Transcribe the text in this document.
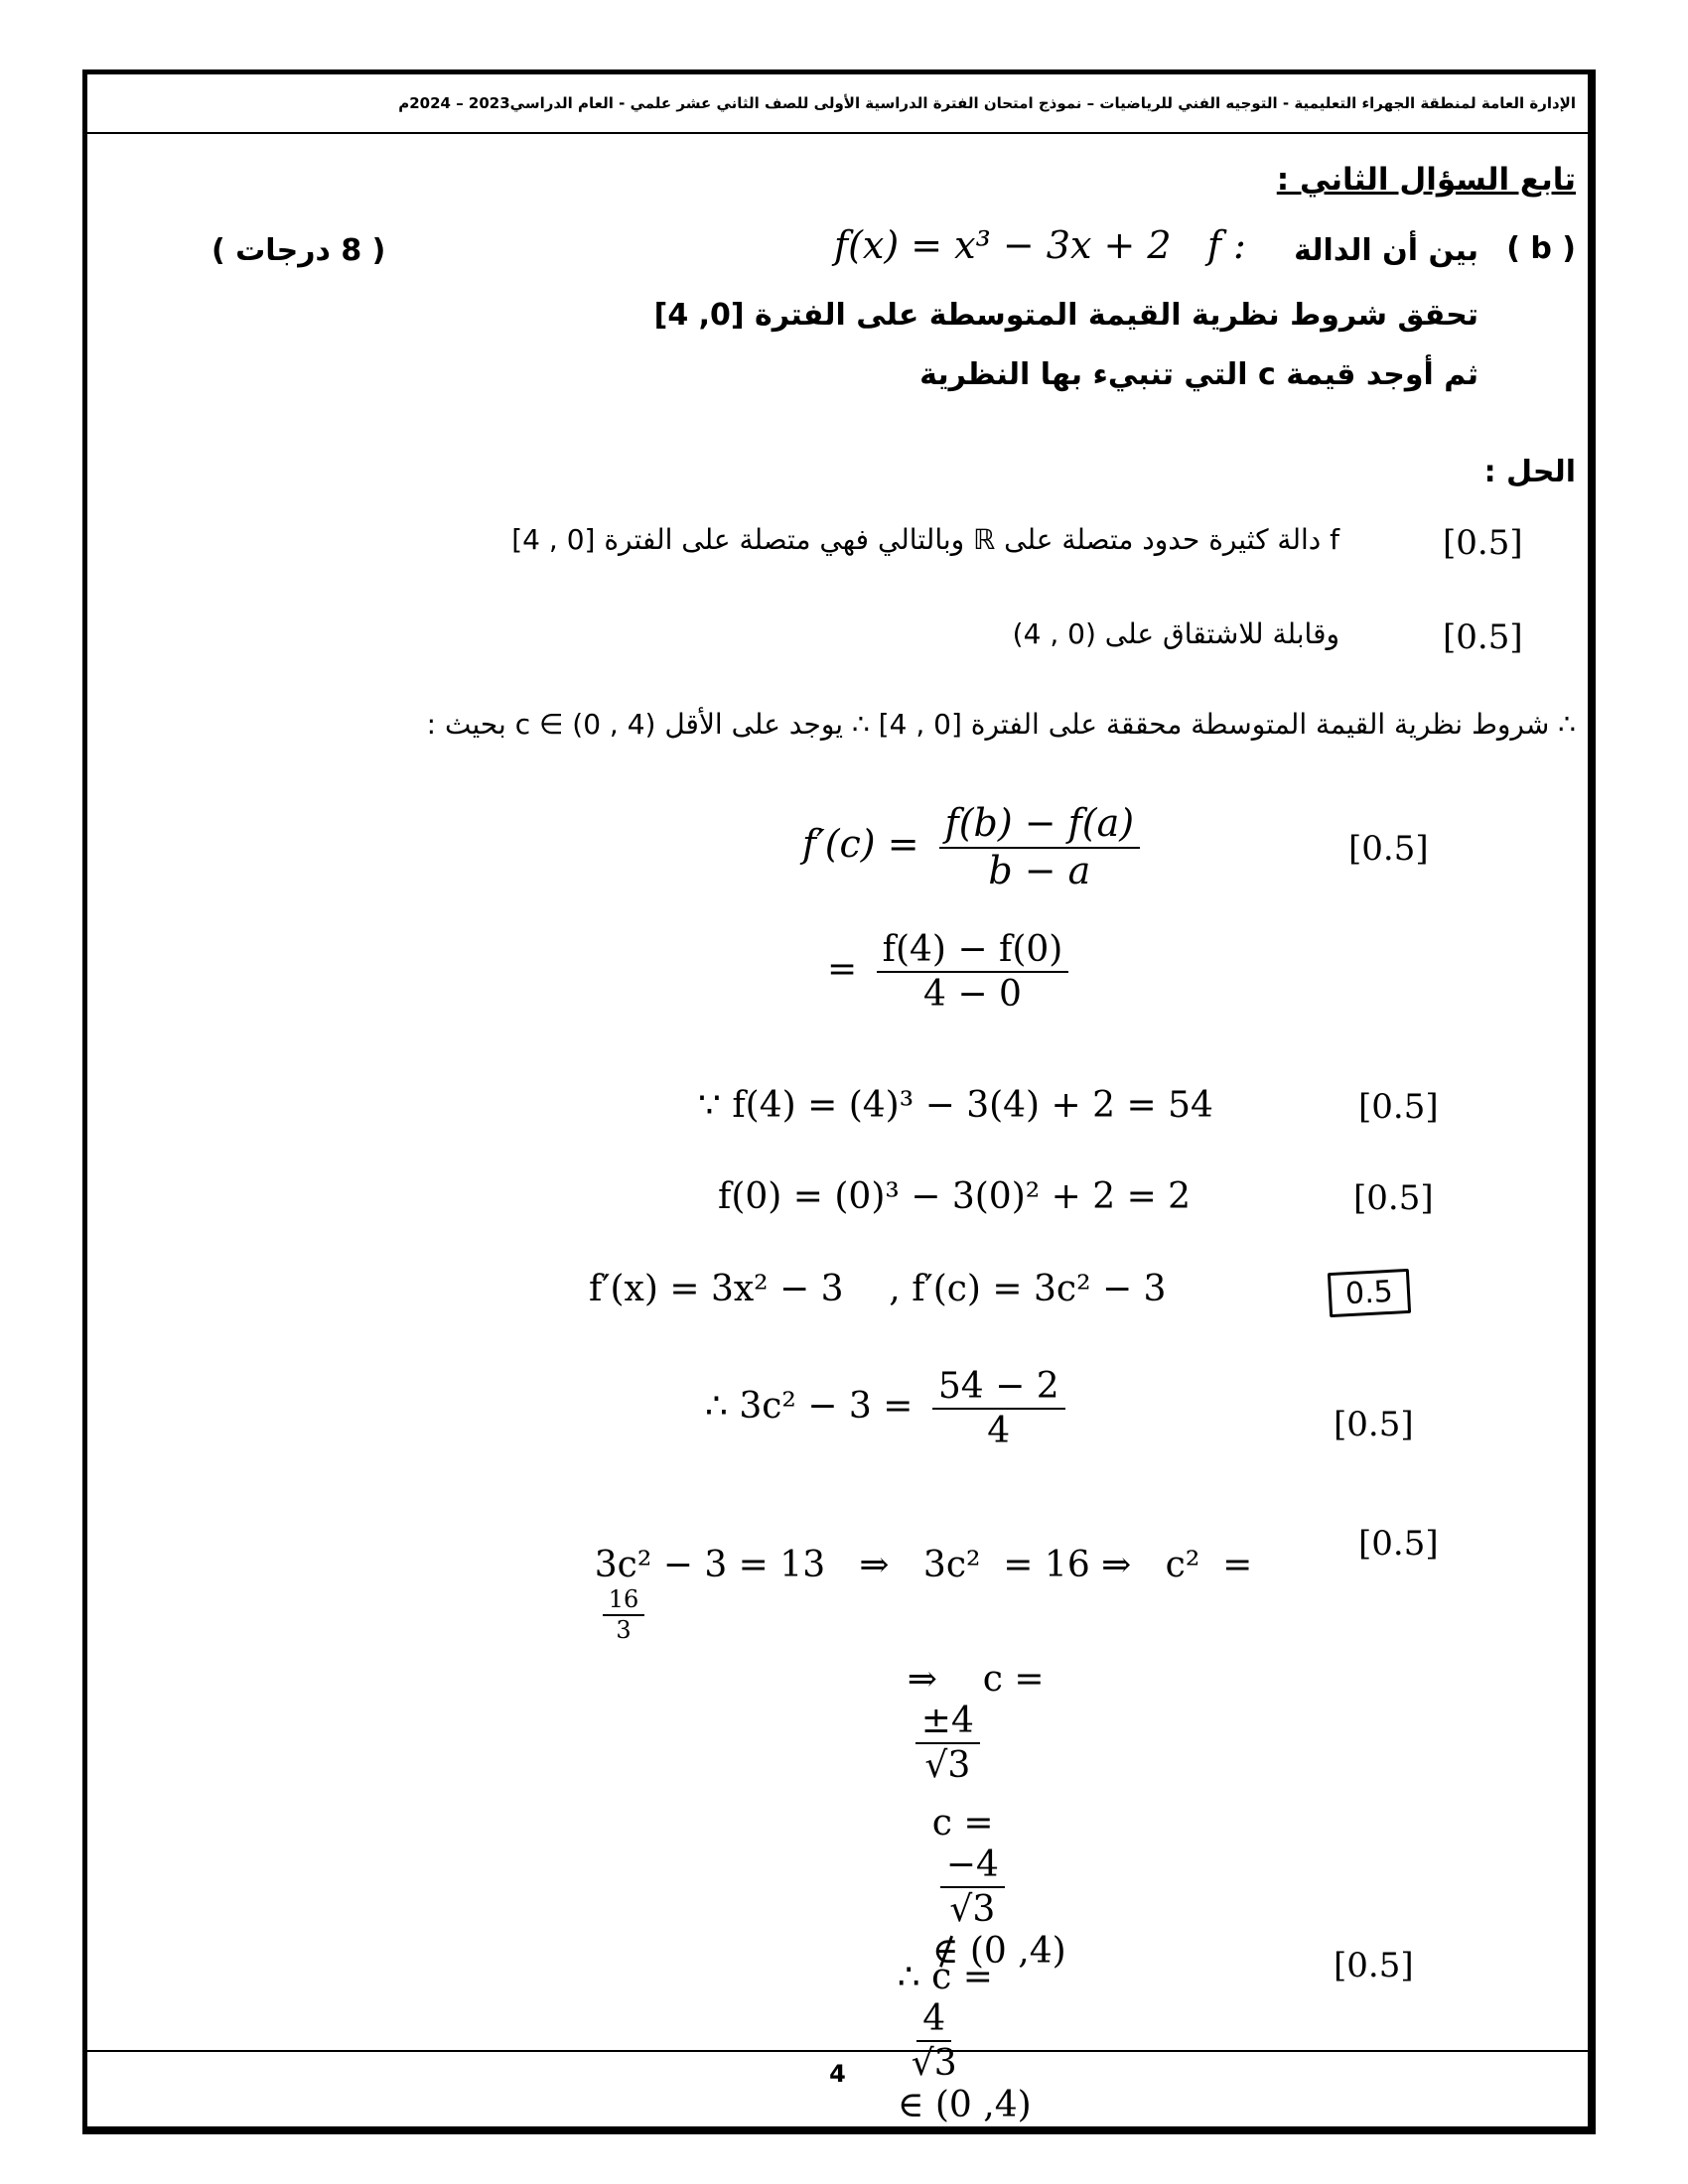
الإدارة العامة لمنطقة الجهراء التعليمية - التوجيه الفني للرياضيات – نموذج امتحان الفترة الدراسية الأولى للصف الثاني عشر علمي - العام الدراسي2023 – 2024م
تابع السؤال الثاني :
( b )
بين أن الدالة
f(x) = x³ − 3x + 2 f :
( 8 درجات )
تحقق شروط نظرية القيمة المتوسطة على الفترة [0, 4]
ثم أوجد قيمة c التي تنبيء بها النظرية
الحل :
f دالة كثيرة حدود متصلة على ℝ وبالتالي فهي متصلة على الفترة [0 , 4]	[0.5]
وقابلة للاشتقاق على (0 , 4)	[0.5]
∴ شروط نظرية القيمة المتوسطة محققة على الفترة [0 , 4] ∴ يوجد على الأقل c ∈ (0 , 4) بحيث :
$f'(c) = \frac{f(b) - f(a)}{b - a}$	[0.5]
= $\frac{f(4) - f(0)}{4 - 0}$
∵ f(4) = (4)³ − 3(4) + 2 = 54	[0.5]
f(0) = (0)³ − 3(0)² + 2 = 2	[0.5]
f′(x) = 3x² − 3    , f′(c) = 3c² − 3	0.5
∴ $3c^2 - 3 = \frac{54 - 2}{4}$	[0.5]

3c² − 3 = 13   ⇒   3c²  = 16 ⇒   c²  =

$\frac{16}{3}$

[0.5]

⇒    c =

$\frac{\pm 4}{√3}$

c =

$\frac{-4}{√3}$

∉ (0 ,4)

∴ c =

$\frac{4}{√3}$

∈ (0 ,4)

[0.5]
4
